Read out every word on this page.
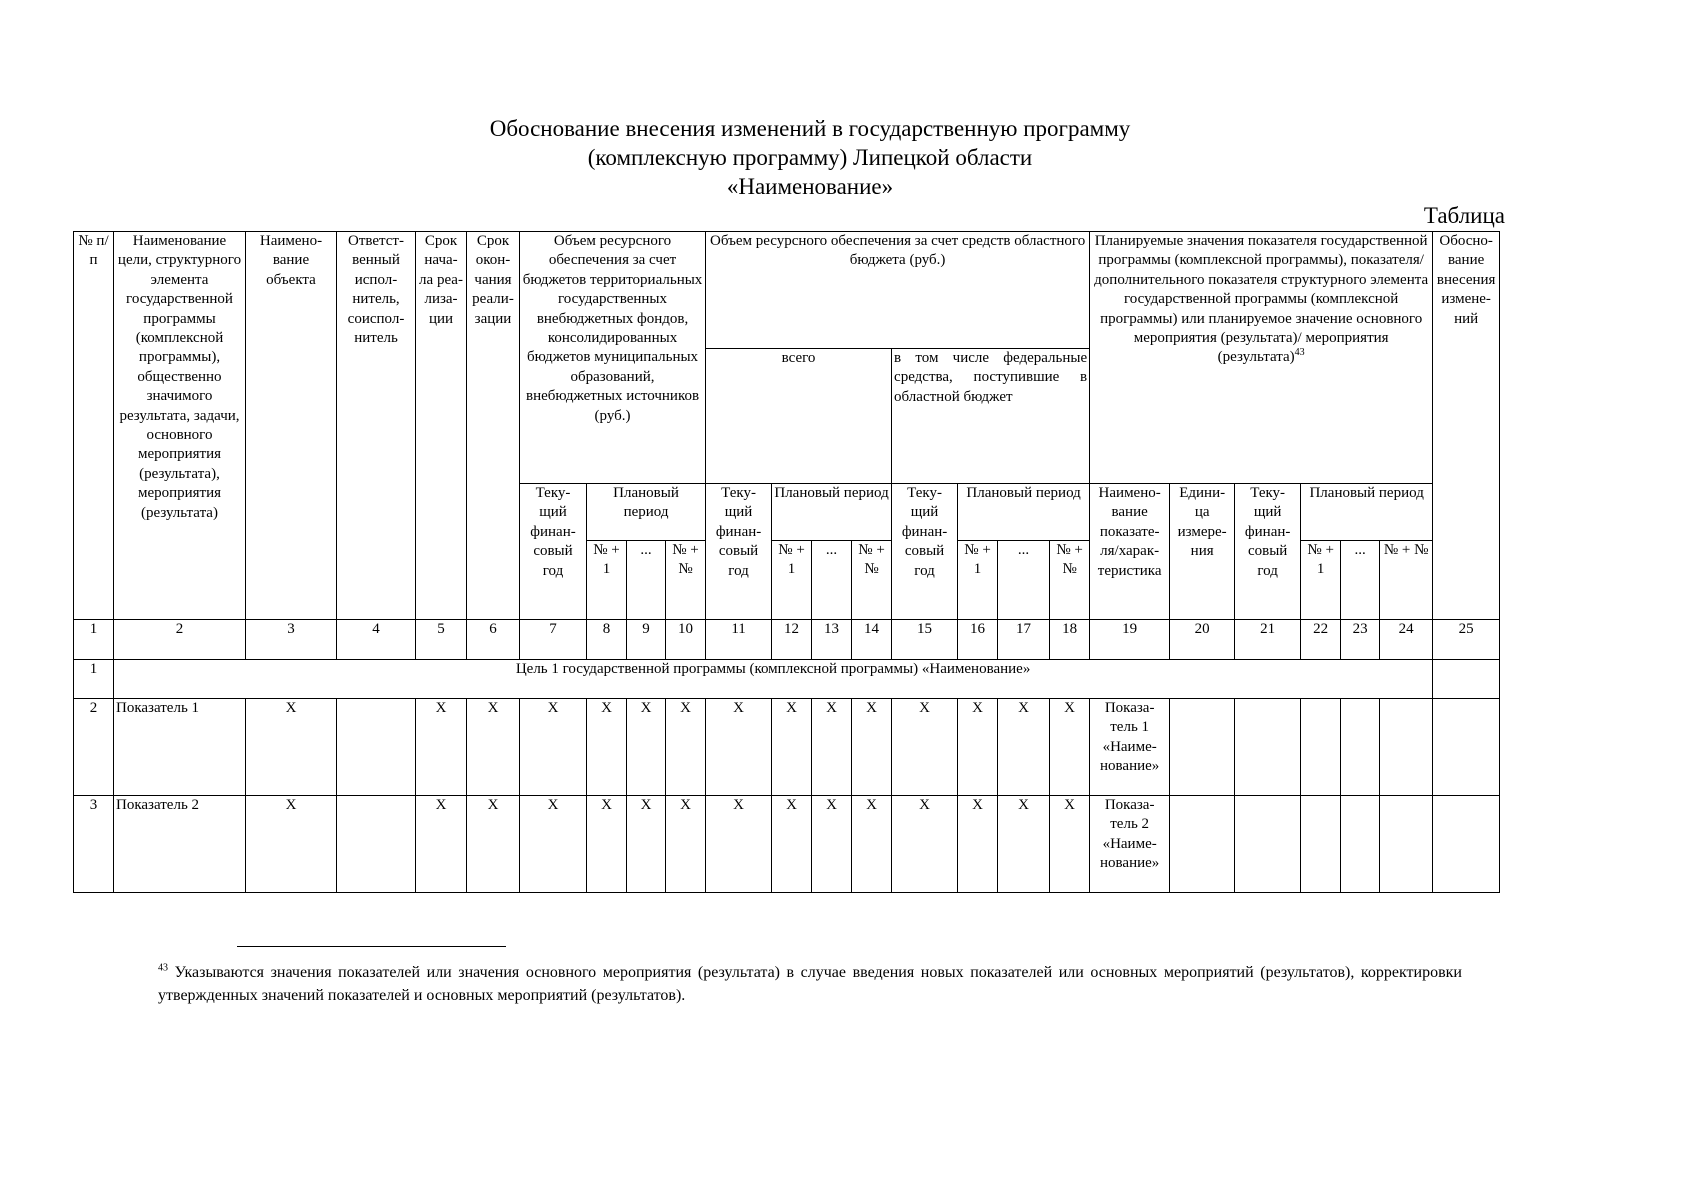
Обоснование внесения изменений в государственную программу
(комплексную программу) Липецкой области
«Наименование»
Таблица
№ п/п	Наименование цели, структурного элемента государственной программы (комплексной программы), общественно значимого результата, задачи, основного мероприятия (результата), мероприятия (результата)	Наимено-вание объекта	Ответст-венный испол-нитель, соиспол-нитель	Срок нача-ла реа-лиза-ции	Срок окон-чания реали-зации	Объем ресурсного обеспечения за счет бюджетов территориальных государственных внебюджетных фондов, консолидированных бюджетов муниципальных образований, внебюджетных источников (руб.)				Объем ресурсного обеспечения за счет средств областного бюджета (руб.)								Планируемые значения показателя государственной программы (комплексной программы), показателя/дополнительного показателя структурного элемента государственной программы (комплексной программы) или планируемое значение основного мероприятия (результата)/ мероприятия (результата)$^{43}$						Обосно-вание внесения измене-ний
										всего				в том числе федеральные средства, поступившие в областной бюджет										
						Теку-щий финан-совый год	Плановый период			Теку-щий финан-совый год	Плановый период			Теку-щий финан-совый год	Плановый период			Наимено-вание показате-ля/харак-теристика	Едини-ца измере-ния	Теку-щий финан-совый год	Плановый период			
							№ + 1	...	№ + №		№ + 1	...	№ + №		№ + 1	...	№ + №				№ + 1	...	№ + №	
1	2	3	4	5	6	7	8	9	10	11	12	13	14	15	16	17	18	19	20	21	22	23	24	25
1	Цель 1 государственной программы (комплексной программы) «Наименование»																							
2	Показатель 1	X		X	X	X	X	X	X	X	X	X	X	X	X	X	X	Показа-тель 1 «Наиме-нование»						
3	Показатель 2	X		X	X	X	X	X	X	X	X	X	X	X	X	X	X	Показа-тель 2 «Наиме-нование»						
$^{43}$ Указываются значения показателей или значения основного мероприятия (результата) в случае введения новых показателей или основных мероприятий (результатов), корректировки утвержденных значений показателей и основных мероприятий (результатов).
